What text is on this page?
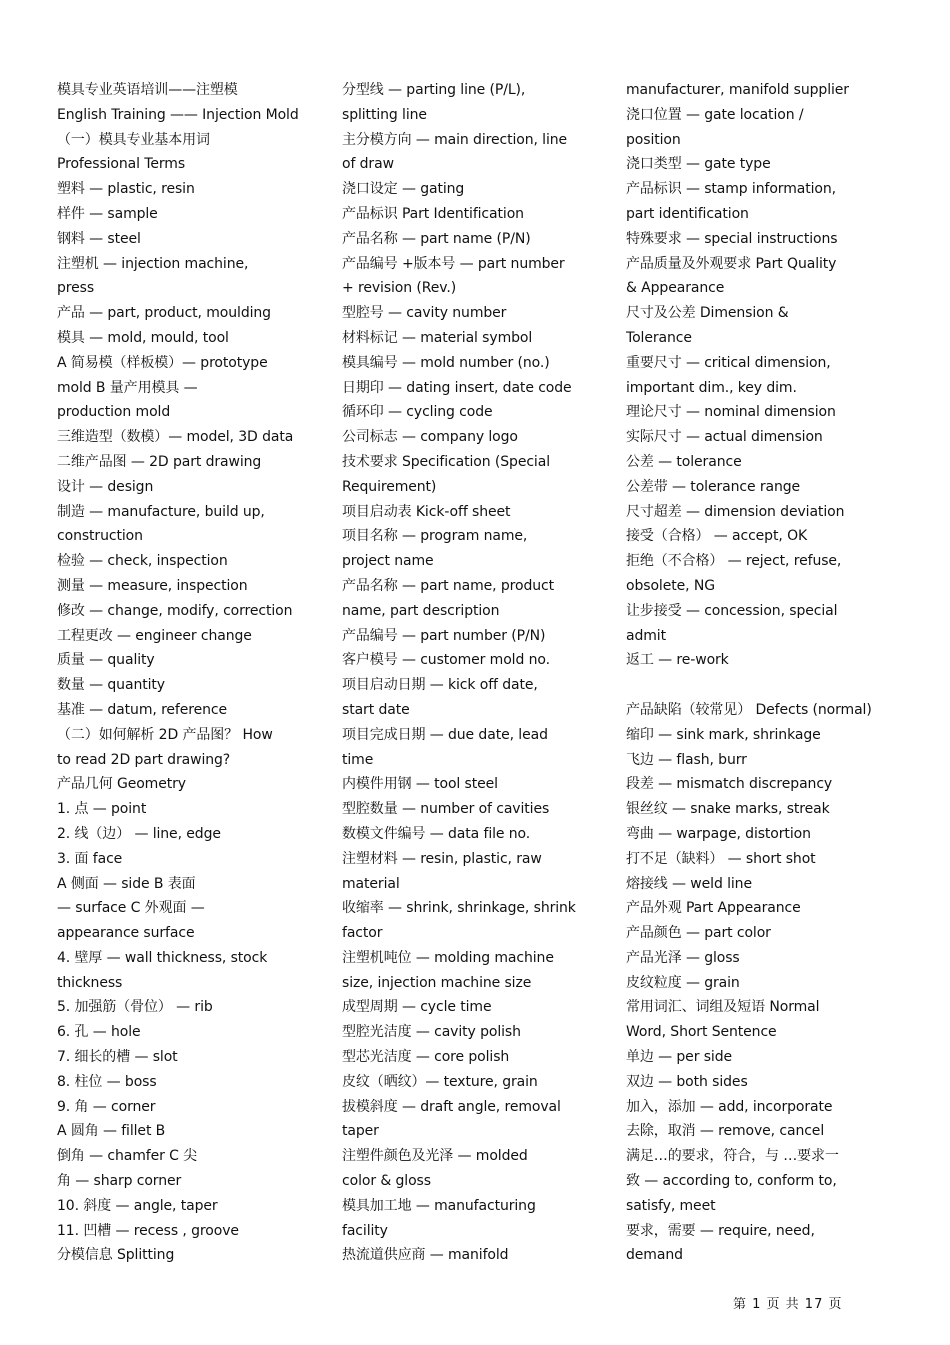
模具专业英语培训——注塑模
English Training —— Injection Mold
（一）模具专业基本用词
Professional Terms
塑料 — plastic, resin
样件 — sample
钢料 — steel
注塑机 — injection machine,
press
产品 — part, product, moulding
模具 — mold, mould, tool
A 简易模（样板模）— prototype
mold B 量产用模具 —
production mold
三维造型（数模）— model, 3D data
二维产品图 — 2D part drawing
设计 — design
制造 — manufacture, build up,
construction
检验 — check, inspection
测量 — measure, inspection
修改 — change, modify, correction
工程更改 — engineer change
质量 — quality
数量 — quantity
基准 — datum, reference
（二）如何解析 2D 产品图？ How
to read 2D part drawing?
产品几何 Geometry
1. 点 — point
2. 线（边） — line, edge
3. 面 face
A 侧面 — side B 表面
— surface C 外观面 —
appearance surface
4. 壁厚 — wall thickness, stock
thickness
5. 加强筋（骨位） — rib
6. 孔 — hole
7. 细长的槽 — slot
8. 柱位 — boss
9. 角 — corner
A 圆角 — fillet B
倒角 — chamfer C 尖
角 — sharp corner
10. 斜度 — angle, taper
11. 凹槽 — recess , groove
分模信息 Splitting
分型线 — parting line (P/L),
splitting line
主分模方向 — main direction, line
of draw
浇口设定 — gating
产品标识 Part Identification
产品名称 — part name (P/N)
产品编号 +版本号 — part number
+ revision (Rev.)
型腔号 — cavity number
材料标记 — material symbol
模具编号 — mold number (no.)
日期印 — dating insert, date code
循环印 — cycling code
公司标志 — company logo
技术要求 Specification (Special
Requirement)
项目启动表 Kick-off sheet
项目名称 — program name,
project name
产品名称 — part name, product
name, part description
产品编号 — part number (P/N)
客户模号 — customer mold no.
项目启动日期 — kick off date,
start date
项目完成日期 — due date, lead
time
内模件用钢 — tool steel
型腔数量 — number of cavities
数模文件编号 — data file no.
注塑材料 — resin, plastic, raw
material
收缩率 — shrink, shrinkage, shrink
factor
注塑机吨位 — molding machine
size, injection machine size
成型周期 — cycle time
型腔光洁度 — cavity polish
型芯光洁度 — core polish
皮纹（晒纹）— texture, grain
拔模斜度 — draft angle, removal
taper
注塑件颜色及光泽 — molded
color & gloss
模具加工地 — manufacturing
facility
热流道供应商 — manifold
manufacturer, manifold supplier
浇口位置 — gate location /
position
浇口类型 — gate type
产品标识 — stamp information,
part identification
特殊要求 — special instructions
产品质量及外观要求 Part Quality
& Appearance
尺寸及公差 Dimension &
Tolerance
重要尺寸 — critical dimension,
important dim., key dim.
理论尺寸 — nominal dimension
实际尺寸 — actual dimension
公差 — tolerance
公差带 — tolerance range
尺寸超差 — dimension deviation
接受（合格） — accept, OK
拒绝（不合格） — reject, refuse,
obsolete, NG
让步接受 — concession, special
admit
返工 — re-work
产品缺陷（较常见） Defects (normal)
缩印 — sink mark, shrinkage
飞边 — flash, burr
段差 — mismatch discrepancy
银丝纹 — snake marks, streak
弯曲 — warpage, distortion
打不足（缺料） — short shot
熔接线 — weld line
产品外观 Part Appearance
产品颜色 — part color
产品光泽 — gloss
皮纹粒度 — grain
常用词汇、词组及短语 Normal
Word, Short Sentence
单边 — per side
双边 — both sides
加入，添加 — add, incorporate
去除，取消 — remove, cancel
满足…的要求，符合，与 …要求一
致 — according to, conform to,
satisfy, meet
要求，需要 — require, need,
demand
第 1 页 共 17 页
